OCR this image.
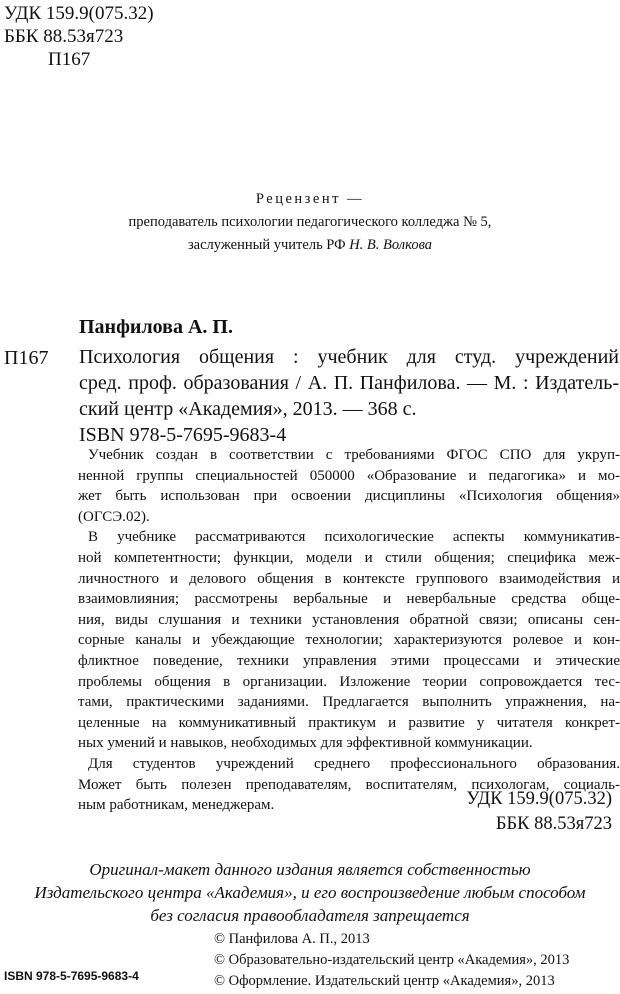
УДК 159.9(075.32)
ББК 88.53я723
П167
Рецензент —
преподаватель психологии педагогического колледжа № 5,
заслуженный учитель РФ Н. В. Волкова
Панфилова А. П.
П167 Психология общения : учебник для студ. учреждений
сред. проф. образования / А. П. Панфилова. — М. : Издатель-
ский центр «Академия», 2013. — 368 с.
ISBN 978-5-7695-9683-4
Учебник создан в соответствии с требованиями ФГОС СПО для укруп-
ненной группы специальностей 050000 «Образование и педагогика» и мо-
жет быть использован при освоении дисциплины «Психология общения»
(ОГСЭ.02).
В учебнике рассматриваются психологические аспекты коммуникатив-
ной компетентности; функции, модели и стили общения; специфика меж-
личностного и делового общения в контексте группового взаимодействия и
взаимовлияния; рассмотрены вербальные и невербальные средства обще-
ния, виды слушания и техники установления обратной связи; описаны сен-
сорные каналы и убеждающие технологии; характеризуются ролевое и кон-
фликтное поведение, техники управления этими процессами и этические
проблемы общения в организации. Изложение теории сопровождается тес-
тами, практическими заданиями. Предлагается выполнить упражнения, на-
целенные на коммуникативный практикум и развитие у читателя конкрет-
ных умений и навыков, необходимых для эффективной коммуникации.
Для студентов учреждений среднего профессионального образования.
Может быть полезен преподавателям, воспитателям, психологам, социаль-
ным работникам, менеджерам.	УДК 159.9(075.32)
ББК 88.53я723
Оригинал-макет данного издания является собственностью
Издательского центра «Академия», и его воспроизведение любым способом
без согласия правообладателя запрещается
© Панфилова А. П., 2013
© Образовательно-издательский центр «Академия», 2013
© Оформление. Издательский центр «Академия», 2013
ISBN 978-5-7695-9683-4
